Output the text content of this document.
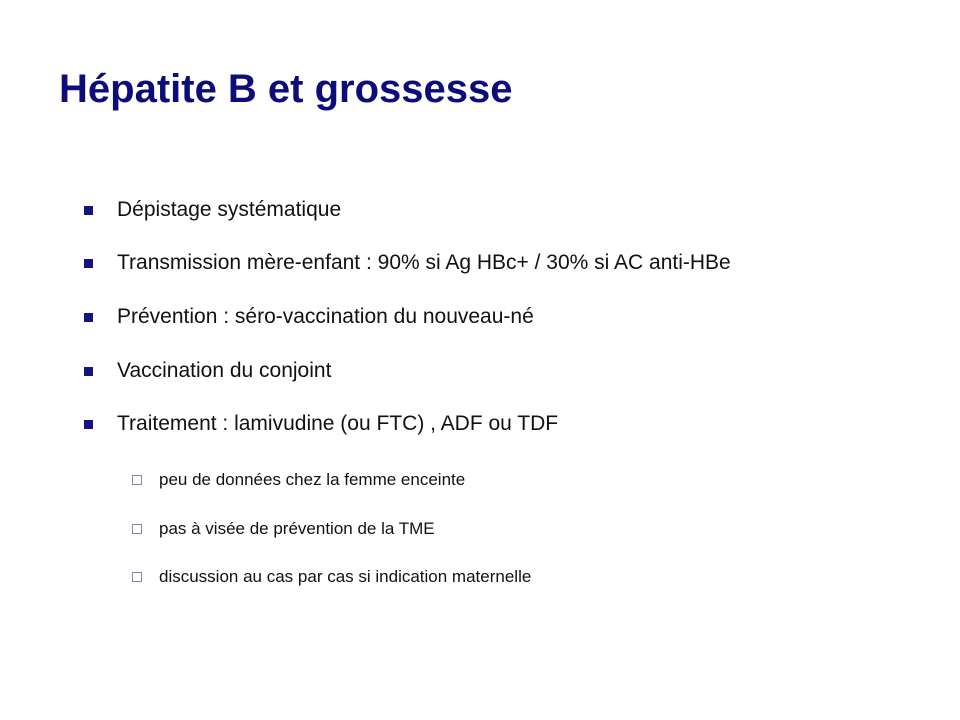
Hépatite B et grossesse
Dépistage systématique
Transmission mère-enfant : 90% si Ag HBc+ / 30% si AC anti-HBe
Prévention : séro-vaccination du nouveau-né
Vaccination du conjoint
Traitement : lamivudine (ou FTC) , ADF ou TDF
peu de données chez la femme enceinte
pas à visée de prévention de la TME
discussion au cas par cas si indication maternelle
